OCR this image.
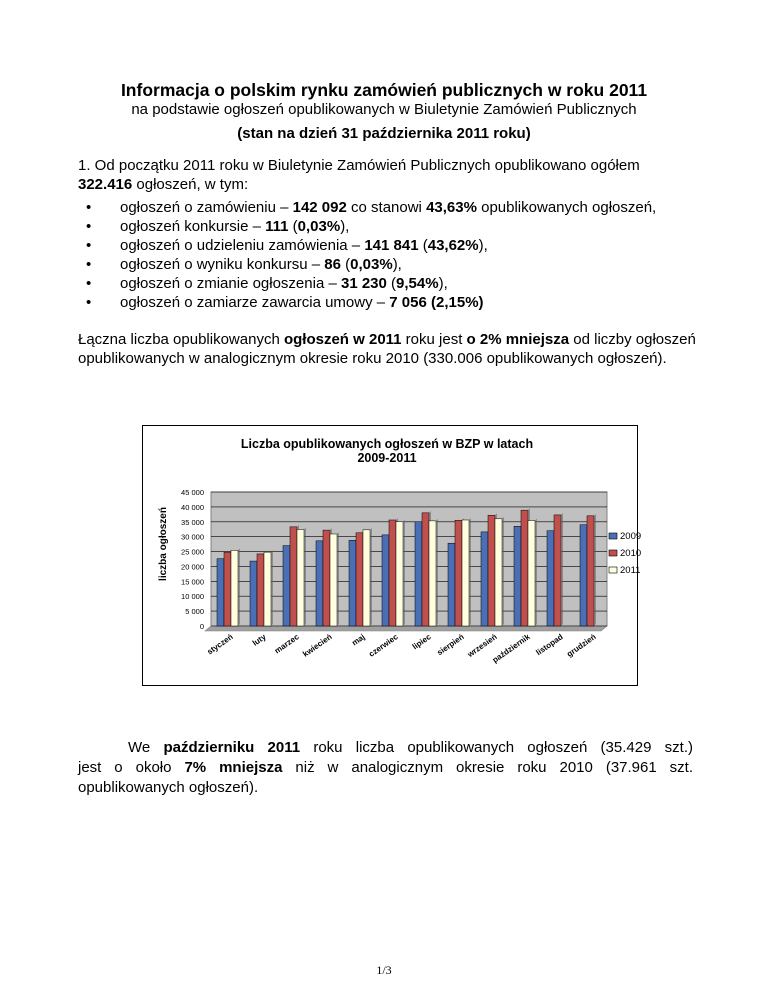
Informacja o polskim rynku zamówień publicznych w roku 2011
na podstawie ogłoszeń opublikowanych w Biuletynie Zamówień Publicznych
(stan na dzień 31 października 2011 roku)
1. Od początku 2011 roku w Biuletynie Zamówień Publicznych opublikowano ogółem 322.416 ogłoszeń, w tym:
• ogłoszeń o zamówieniu – 142 092 co stanowi 43,63% opublikowanych ogłoszeń,
• ogłoszeń konkursie – 111 (0,03%),
• ogłoszeń o udzieleniu zamówienia – 141 841 (43,62%),
• ogłoszeń o wyniku konkursu – 86 (0,03%),
• ogłoszeń o zmianie ogłoszenia – 31 230 (9,54%),
• ogłoszeń o zamiarze zawarcia umowy – 7 056 (2,15%)
Łączna liczba opublikowanych ogłoszeń w 2011 roku jest o 2% mniejsza od liczby ogłoszeń opublikowanych w analogicznym okresie roku 2010 (330.006 opublikowanych ogłoszeń).
Liczba opublikowanych ogłoszeń w BZP w latach
2009-2011
liczba ogłoszeń
0
5 000
10 000
15 000
20 000
25 000
30 000
35 000
40 000
45 000
styczeń luty marzec kwiecień maj czerwiec lipiec sierpień wrzesień
październik listopad grudzień
2009
2010
2011
We październiku 2011 roku liczba opublikowanych ogłoszeń (35.429 szt.)
jest o około 7% mniejsza niż w analogicznym okresie roku 2010 (37.961 szt.
opublikowanych ogłoszeń).
1/3
